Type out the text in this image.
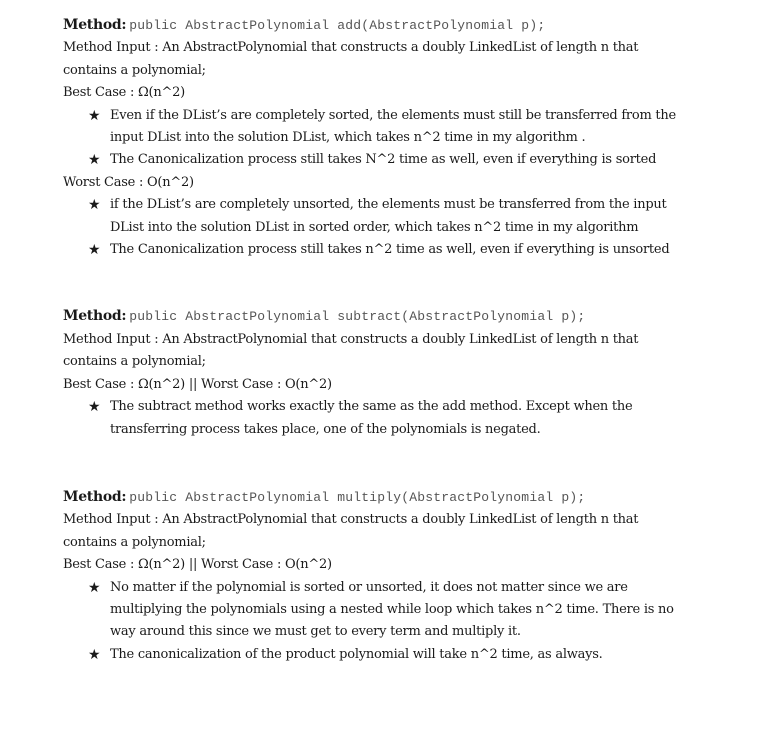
Method: public AbstractPolynomial add(AbstractPolynomial p);
Method Input : An AbstractPolynomial that constructs a doubly LinkedList of length n that contains a polynomial;
Best Case : Ω(n^2)
★ Even if the DList’s are completely sorted, the elements must still be transferred from the input DList into the solution DList, which takes n^2 time in my algorithm .
★ The Canonicalization process still takes N^2 time as well, even if everything is sorted
Worst Case : O(n^2)
★ if the DList’s are completely unsorted, the elements must be transferred from the input DList into the solution DList in sorted order, which takes n^2 time in my algorithm
★ The Canonicalization process still takes n^2 time as well, even if everything is unsorted
Method: public AbstractPolynomial subtract(AbstractPolynomial p);
Method Input : An AbstractPolynomial that constructs a doubly LinkedList of length n that contains a polynomial;
Best Case : Ω(n^2) || Worst Case : O(n^2)
★ The subtract method works exactly the same as the add method. Except when the transferring process takes place, one of the polynomials is negated.
Method: public AbstractPolynomial multiply(AbstractPolynomial p);
Method Input : An AbstractPolynomial that constructs a doubly LinkedList of length n that contains a polynomial;
Best Case : Ω(n^2) || Worst Case : O(n^2)
★ No matter if the polynomial is sorted or unsorted, it does not matter since we are multiplying the polynomials using a nested while loop which takes n^2 time. There is no way around this since we must get to every term and multiply it.
★ The canonicalization of the product polynomial will take n^2 time, as always.
